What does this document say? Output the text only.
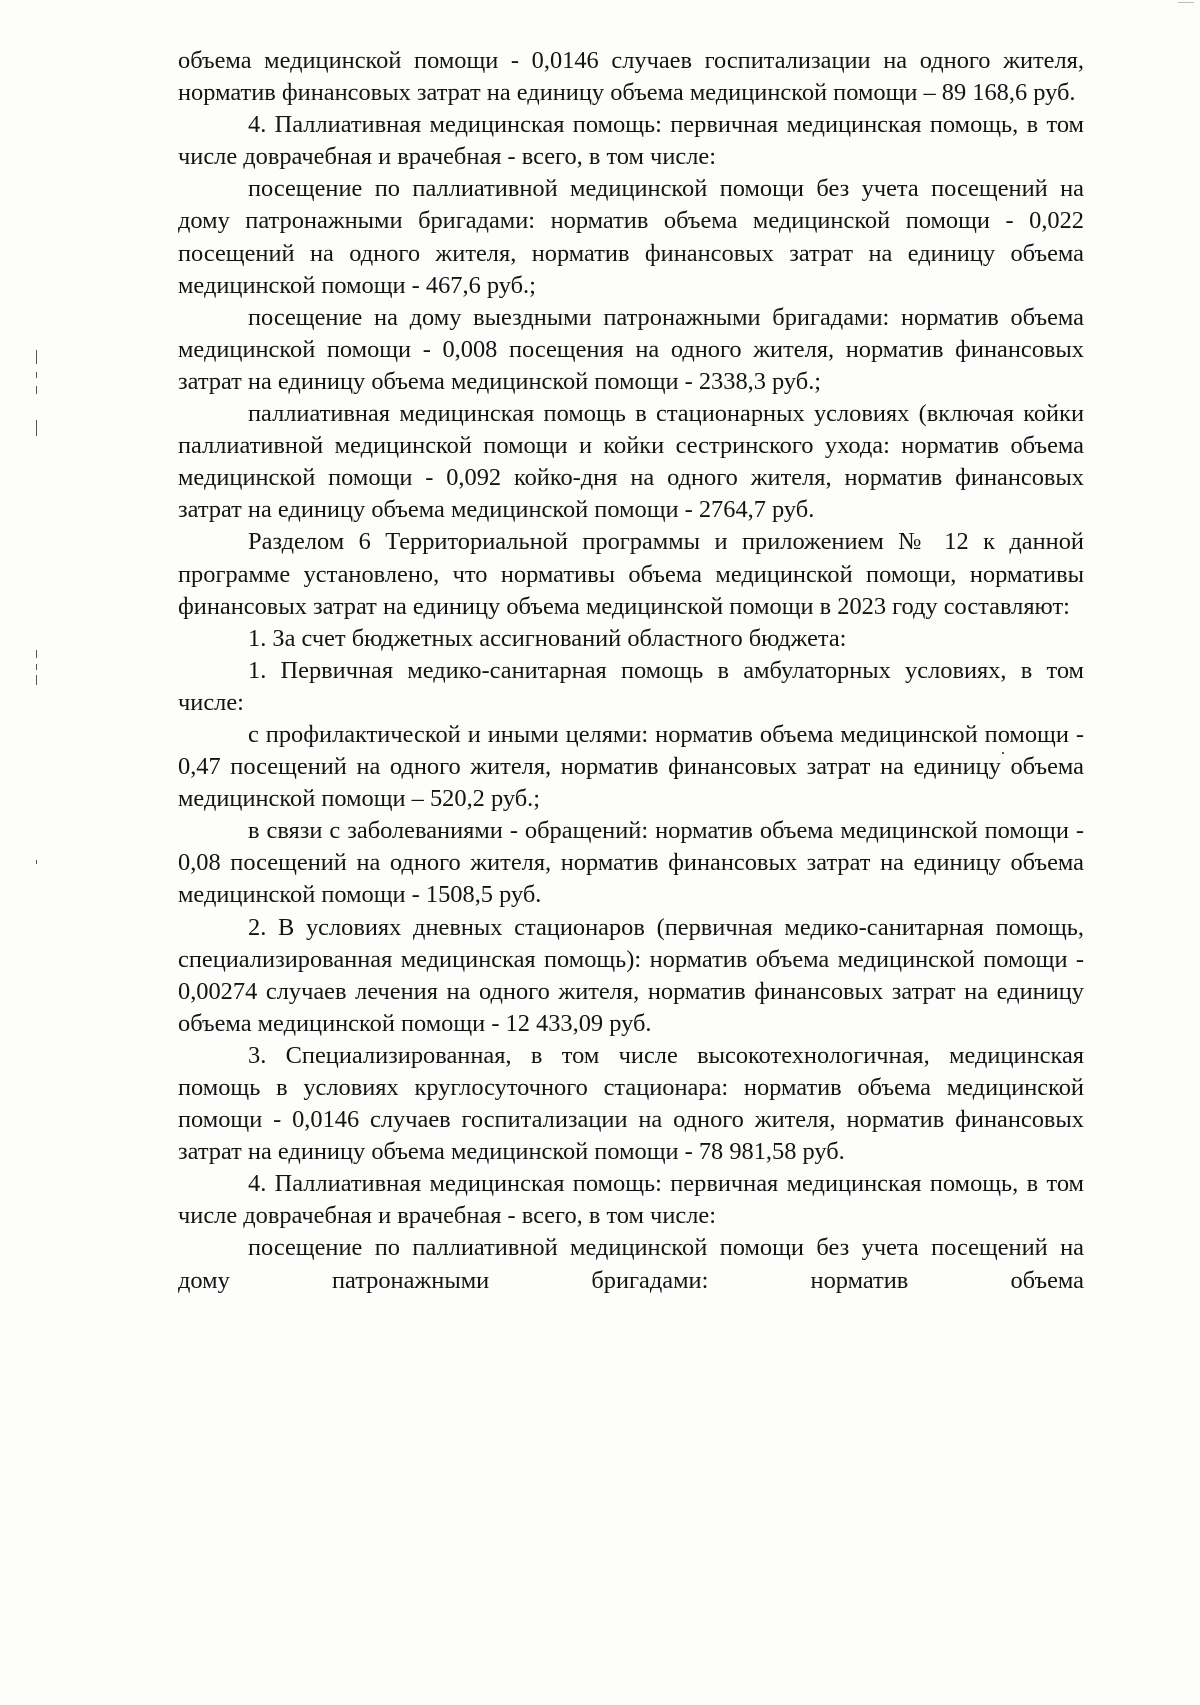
объема медицинской помощи - 0,0146 случаев госпитализации на одного жителя, норматив финансовых затрат на единицу объема медицинской помощи – 89 168,6 руб.

4. Паллиативная медицинская помощь: первичная медицинская помощь, в том числе доврачебная и врачебная - всего, в том числе:

посещение по паллиативной медицинской помощи без учета посещений на дому патронажными бригадами: норматив объема медицинской помощи - 0,022 посещений на одного жителя, норматив финансовых затрат на единицу объема медицинской помощи - 467,6 руб.;

посещение на дому выездными патронажными бригадами: норматив объема медицинской помощи - 0,008 посещения на одного жителя, норматив финансовых затрат на единицу объема медицинской помощи - 2338,3 руб.;

паллиативная медицинская помощь в стационарных условиях (включая койки паллиативной медицинской помощи и койки сестринского ухода: норматив объема медицинской помощи - 0,092 койко-дня на одного жителя, норматив финансовых затрат на единицу объема медицинской помощи - 2764,7 руб.

Разделом 6 Территориальной программы и приложением № 12 к данной программе установлено, что нормативы объема медицинской помощи, нормативы финансовых затрат на единицу объема медицинской помощи в 2023 году составляют:

1. За счет бюджетных ассигнований областного бюджета:

1. Первичная медико-санитарная помощь в амбулаторных условиях, в том числе:

с профилактической и иными целями: норматив объема медицинской помощи - 0,47 посещений на одного жителя, норматив финансовых затрат на единицу объема медицинской помощи – 520,2 руб.;

в связи с заболеваниями - обращений: норматив объема медицинской помощи - 0,08 посещений на одного жителя, норматив финансовых затрат на единицу объема медицинской помощи - 1508,5 руб.

2. В условиях дневных стационаров (первичная медико-санитарная помощь, специализированная медицинская помощь): норматив объема медицинской помощи - 0,00274 случаев лечения на одного жителя, норматив финансовых затрат на единицу объема медицинской помощи - 12 433,09 руб.

3. Специализированная, в том числе высокотехнологичная, медицинская помощь в условиях круглосуточного стационара: норматив объема медицинской помощи - 0,0146 случаев госпитализации на одного жителя, норматив финансовых затрат на единицу объема медицинской помощи - 78 981,58 руб.

4. Паллиативная медицинская помощь: первичная медицинская помощь, в том числе доврачебная и врачебная - всего, в том числе:

посещение по паллиативной медицинской помощи без учета посещений на дому патронажными бригадами: норматив объема
